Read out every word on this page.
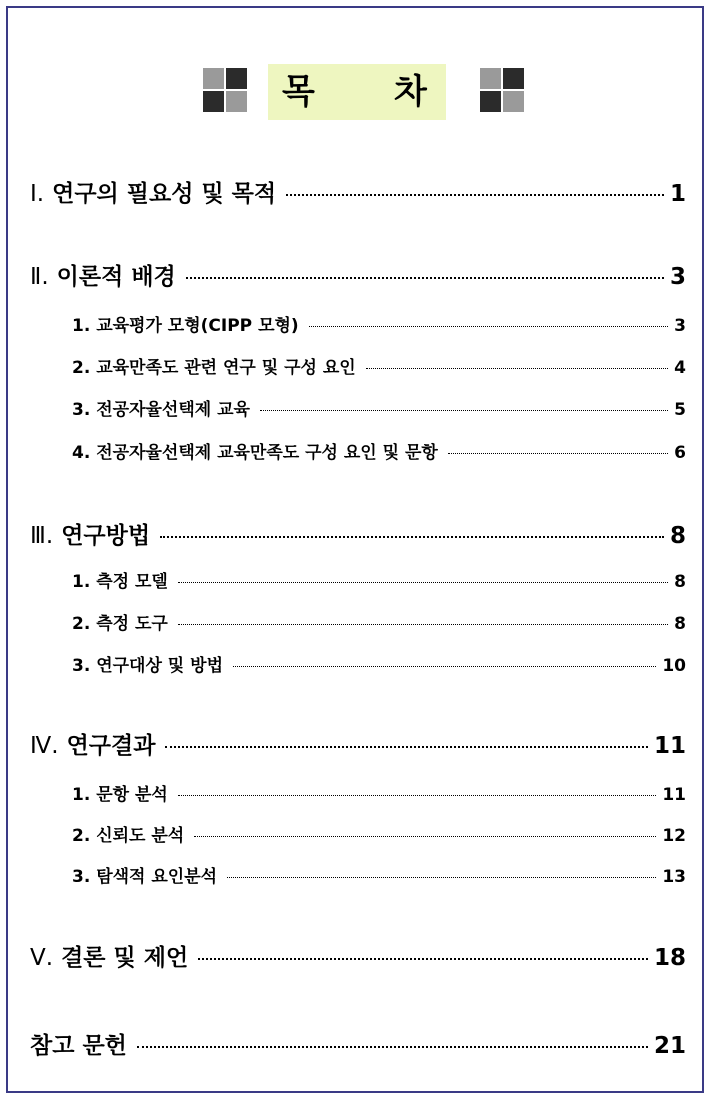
목 차
Ⅰ. 연구의 필요성 및 목적	1
Ⅱ. 이론적 배경	3
1. 교육평가 모형(CIPP 모형)	3
2. 교육만족도 관련 연구 및 구성 요인	4
3. 전공자율선택제 교육	5
4. 전공자율선택제 교육만족도 구성 요인 및 문항	6
Ⅲ. 연구방법	8
1. 측정 모델	8
2. 측정 도구	8
3. 연구대상 및 방법	10
Ⅳ. 연구결과	11
1. 문항 분석	11
2. 신뢰도 분석	12
3. 탐색적 요인분석	13
Ⅴ. 결론 및 제언	18
참고 문헌	21
